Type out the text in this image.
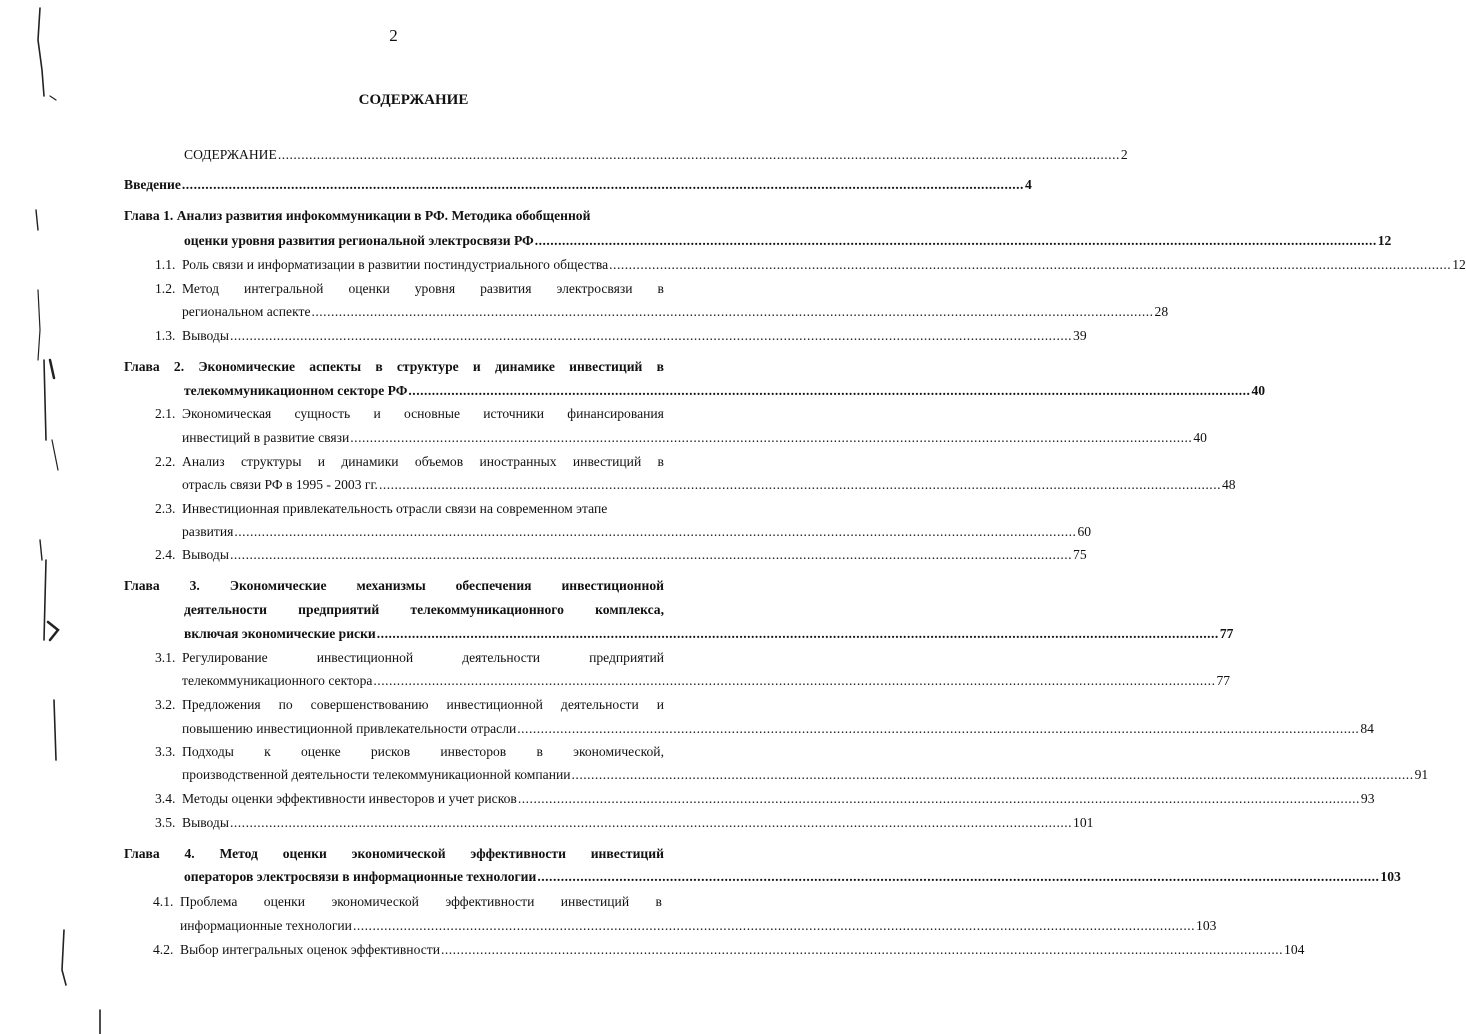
2
СОДЕРЖАНИЕ
СОДЕРЖАНИЕ ........................................................................................................................................................................................................................ 2
Введение ........................................................................................................................................................................................................................ 4
Глава 1. Анализ развития инфокоммуникации в РФ. Методика обобщенной
оценки уровня развития региональной электросвязи РФ ........................................................................................................................................................................................................................ 12
1.1. Роль связи и информатизации в развитии постиндустриального общества ........................................................................................................................................................................................................................ 12
1.2. Метод интегральной оценки уровня развития электросвязи в
региональном аспекте ........................................................................................................................................................................................................................ 28
1.3. Выводы ........................................................................................................................................................................................................................ 39
Глава 2. Экономические аспекты в структуре и динамике инвестиций в
телекоммуникационном секторе РФ ........................................................................................................................................................................................................................ 40
2.1. Экономическая сущность и основные источники финансирования
инвестиций в развитие связи ........................................................................................................................................................................................................................ 40
2.2. Анализ структуры и динамики объемов иностранных инвестиций в
отрасль связи РФ в 1995 - 2003 гг. ........................................................................................................................................................................................................................ 48
2.3. Инвестиционная привлекательность отрасли связи на современном этапе
развития ........................................................................................................................................................................................................................ 60
2.4. Выводы ........................................................................................................................................................................................................................ 75
Глава 3. Экономические механизмы обеспечения инвестиционной
деятельности предприятий телекоммуникационного комплекса,
включая экономические риски ........................................................................................................................................................................................................................ 77
3.1. Регулирование	инвестиционной	деятельности	предприятий
телекоммуникационного сектора ........................................................................................................................................................................................................................ 77
3.2. Предложения по совершенствованию инвестиционной деятельности и
повышению инвестиционной привлекательности отрасли ........................................................................................................................................................................................................................ 84
3.3. Подходы к оценке рисков инвесторов в экономической,
производственной деятельности телекоммуникационной компании ........................................................................................................................................................................................................................ 91
3.4. Методы оценки эффективности инвесторов и учет рисков ........................................................................................................................................................................................................................ 93
3.5. Выводы ........................................................................................................................................................................................................................ 101
Глава 4. Метод оценки экономической эффективности инвестиций
операторов электросвязи в информационные технологии ........................................................................................................................................................................................................................ 103
4.1. Проблема оценки экономической эффективности инвестиций в
информационные технологии ........................................................................................................................................................................................................................ 103
4.2. Выбор интегральных оценок эффективности ........................................................................................................................................................................................................................ 104
